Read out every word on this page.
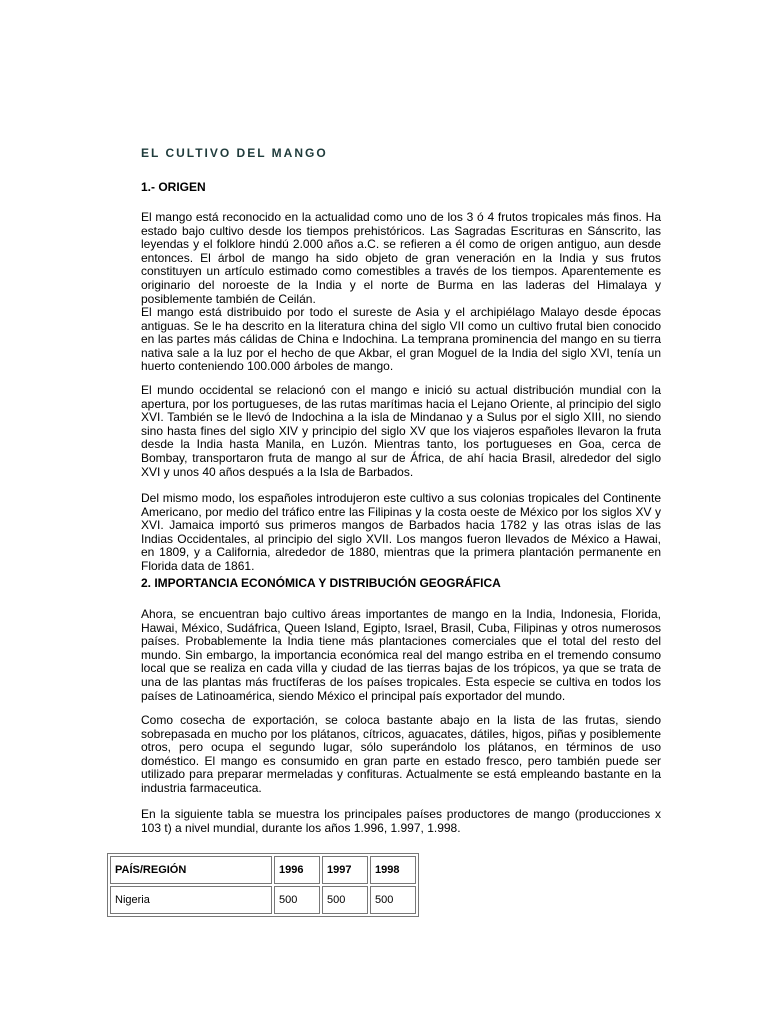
EL CULTIVO DEL MANGO
1.- ORIGEN

El mango está reconocido en la actualidad como uno de los 3 ó 4 frutos tropicales más finos. Ha estado bajo cultivo desde los tiempos prehistóricos. Las Sagradas Escrituras en Sánscrito, las leyendas y el folklore hindú 2.000 años a.C. se refieren a él como de origen antiguo, aun desde entonces. El árbol de mango ha sido objeto de gran veneración en la India y sus frutos constituyen un artículo estimado como comestibles a través de los tiempos. Aparentemente es originario del noroeste de la India y el norte de Burma en las laderas del Himalaya y posiblemente también de Ceilán.

El mango está distribuido por todo el sureste de Asia y el archipiélago Malayo desde épocas antiguas. Se le ha descrito en la literatura china del siglo VII como un cultivo frutal bien conocido en las partes más cálidas de China e Indochina. La temprana prominencia del mango en su tierra nativa sale a la luz por el hecho de que Akbar, el gran Moguel de la India del siglo XVI, tenía un huerto conteniendo 100.000 árboles de mango.

El mundo occidental se relacionó con el mango e inició su actual distribución mundial con la apertura, por los portugueses, de las rutas marítimas hacia el Lejano Oriente, al principio del siglo XVI. También se le llevó de Indochina a la isla de Mindanao y a Sulus por el siglo XIII, no siendo sino hasta fines del siglo XIV y principio del siglo XV que los viajeros españoles llevaron la fruta desde la India hasta Manila, en Luzón. Mientras tanto, los portugueses en Goa, cerca de Bombay, transportaron fruta de mango al sur de África, de ahí hacia Brasil, alrededor del siglo XVI y unos 40 años después a la Isla de Barbados.

Del mismo modo, los españoles introdujeron este cultivo a sus colonias tropicales del Continente Americano, por medio del tráfico entre las Filipinas y la costa oeste de México por los siglos XV y XVI. Jamaica importó sus primeros mangos de Barbados hacia 1782 y las otras islas de las Indias Occidentales, al principio del siglo XVII. Los mangos fueron llevados de México a Hawai, en 1809, y a California, alrededor de 1880, mientras que la primera plantación permanente en Florida data de 1861.

2. IMPORTANCIA ECONÓMICA Y DISTRIBUCIÓN GEOGRÁFICA

Ahora, se encuentran bajo cultivo áreas importantes de mango en la India, Indonesia, Florida, Hawai, México, Sudáfrica, Queen Island, Egipto, Israel, Brasil, Cuba, Filipinas y otros numerosos países. Probablemente la India tiene más plantaciones comerciales que el total del resto del mundo. Sin embargo, la importancia económica real del mango estriba en el tremendo consumo local que se realiza en cada villa y ciudad de las tierras bajas de los trópicos, ya que se trata de una de las plantas más fructíferas de los países tropicales. Esta especie se cultiva en todos los países de Latinoamérica, siendo México el principal país exportador del mundo.

Como cosecha de exportación, se coloca bastante abajo en la lista de las frutas, siendo sobrepasada en mucho por los plátanos, cítricos, aguacates, dátiles, higos, piñas y posiblemente otros, pero ocupa el segundo lugar, sólo superándolo los plátanos, en términos de uso doméstico. El mango es consumido en gran parte en estado fresco, pero también puede ser utilizado para preparar mermeladas y confituras. Actualmente se está empleando bastante en la industria farmaceutica.

En la siguiente tabla se muestra los principales países productores de mango (producciones x 103 t) a nivel mundial, durante los años 1.996, 1.997, 1.998.

PAÍS/REGIÓN	1996	1997	1998
Nigeria	500	500	500
